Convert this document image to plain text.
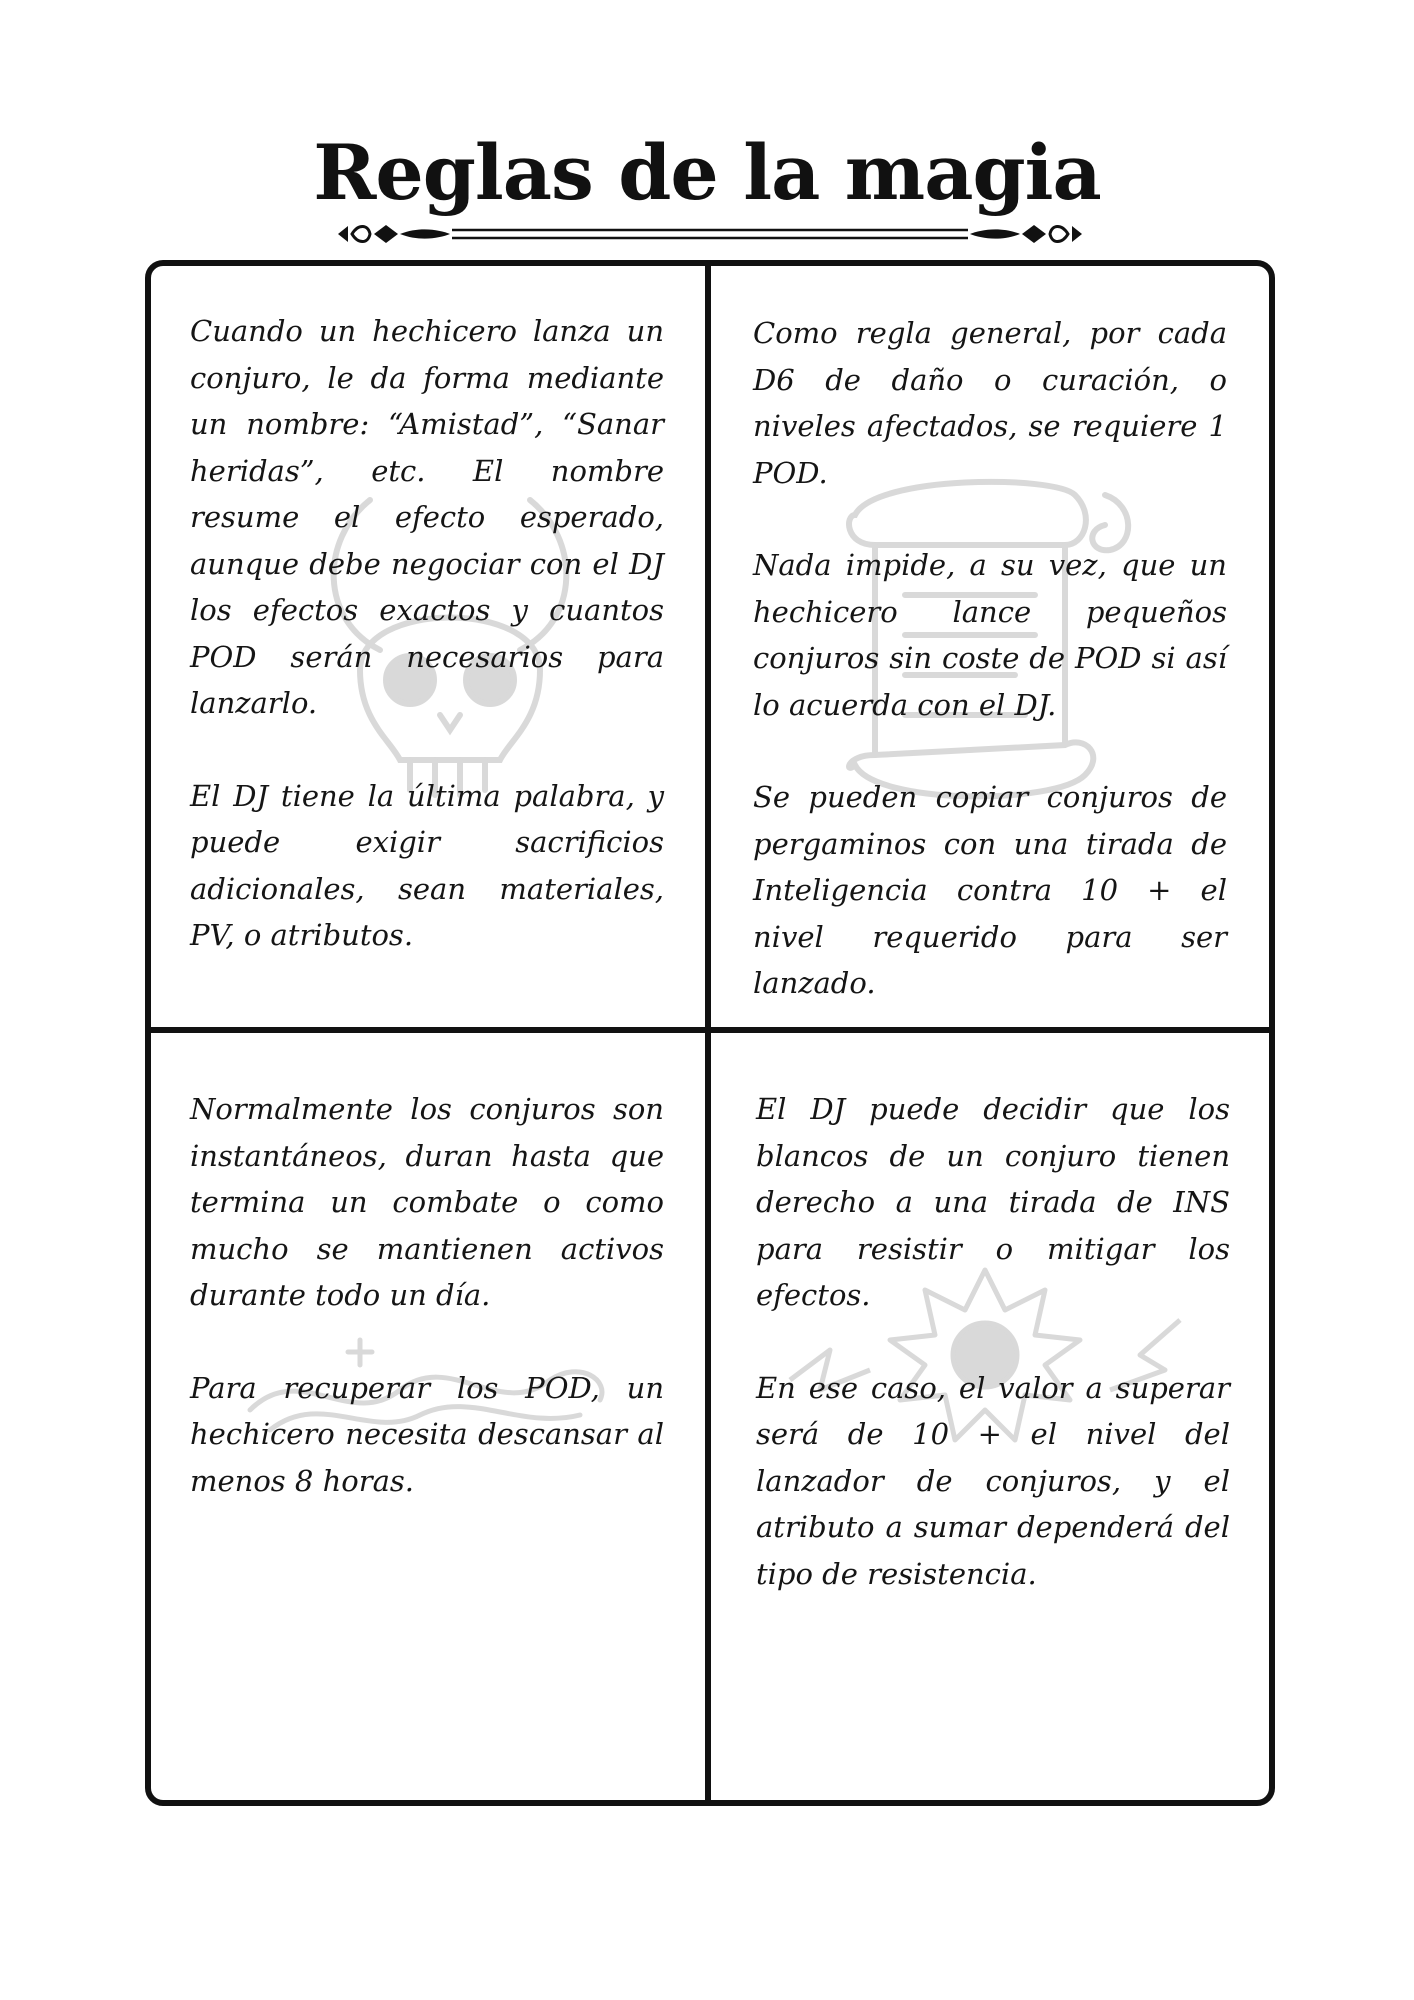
Reglas de la magia

Cuando un hechicero lanza un conjuro, le da forma mediante un nombre: “Amistad”, “Sanar heridas”, etc. El nombre resume el efecto esperado, aunque debe negociar con el DJ los efectos exactos y cuantos POD serán necesarios para lanzarlo.

El DJ tiene la última palabra, y puede exigir sacrificios adicionales, sean materiales, PV, o atributos.

Como regla general, por cada D6 de daño o curación, o niveles afectados, se requiere 1 POD.

Nada impide, a su vez, que un hechicero lance pequeños conjuros sin coste de POD si así lo acuerda con el DJ.

Se pueden copiar conjuros de pergaminos con una tirada de Inteligencia contra 10 + el nivel requerido para ser lanzado.

Normalmente los conjuros son instantáneos, duran hasta que termina un combate o como mucho se mantienen activos durante todo un día.

Para recuperar los POD, un hechicero necesita descansar al menos 8 horas.

El DJ puede decidir que los blancos de un conjuro tienen derecho a una tirada de INS para resistir o mitigar los efectos.

En ese caso, el valor a superar será de 10 + el nivel del lanzador de conjuros, y el atributo a sumar dependerá del tipo de resistencia.
